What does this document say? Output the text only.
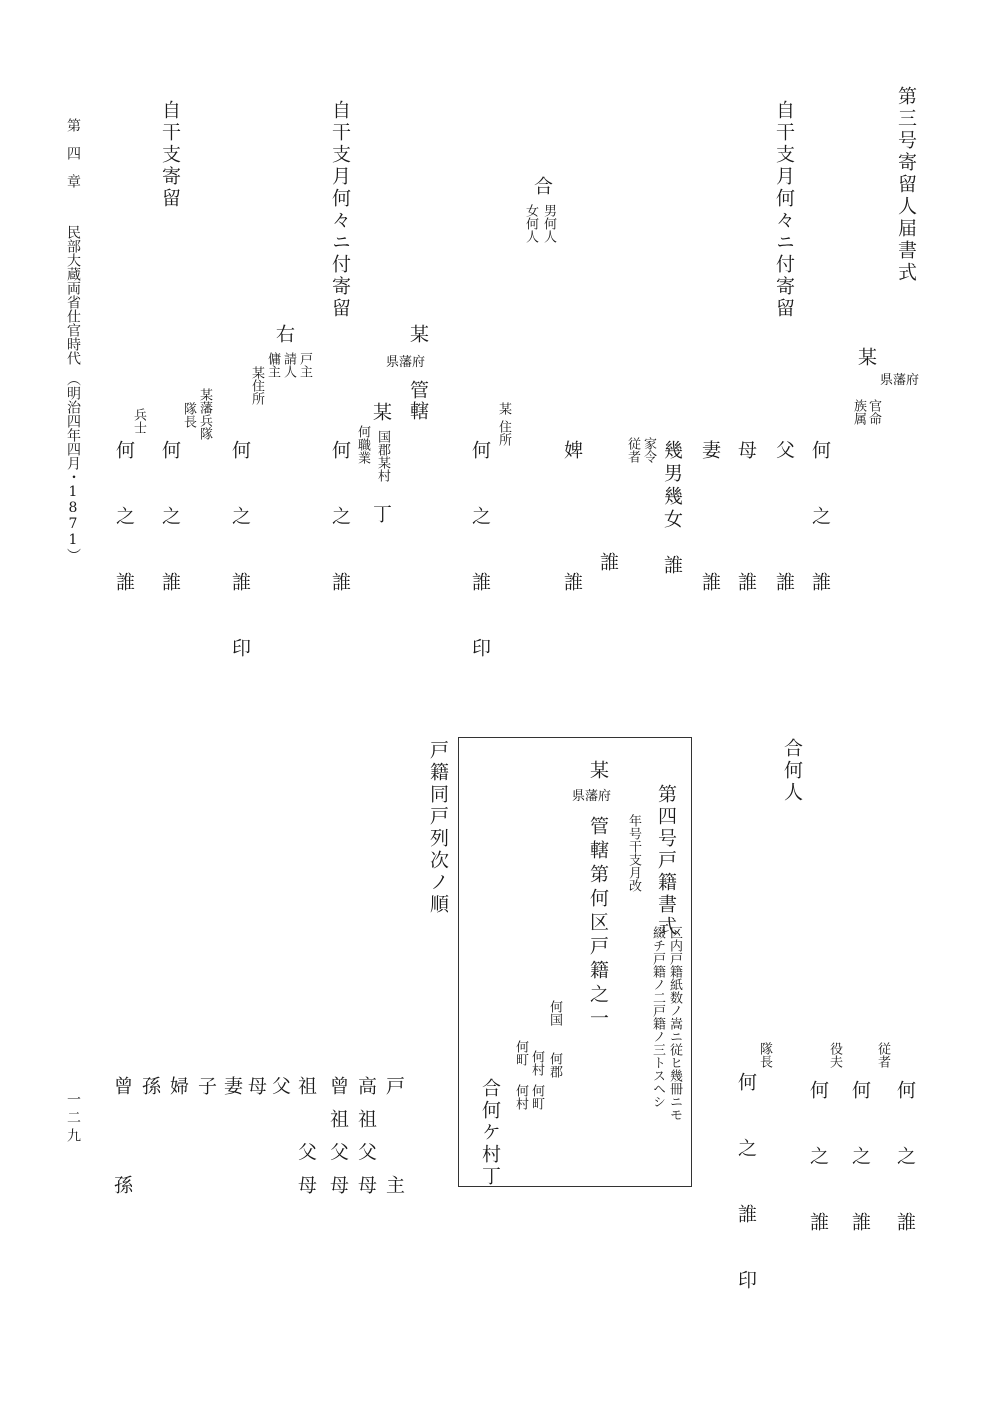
第　四　章
民部大蔵両省仕官時代　（明治四年四月・1871）
一二九
第三号寄留人届書式
某
県藩府
官命
族属
何　之　誰
自干支月何々ニ付寄留
父　　　誰
母　　　誰
妻　　　誰
幾男幾女　誰
家令
従者
誰
婢　　　誰
合
男何人
女何人
住所
某
何　之　誰　印
某
県藩府
管轄
某
国郡某村
丁
何職業
何　之　誰
自干支月何々ニ付寄留
右
戸主
請人
傭主
某住所
何　之　誰　印
自干支寄留
某藩兵隊
隊長
何　之　誰
兵士
何　之　誰
合何人
何　之　誰
従者
何　之　誰
役夫
何　之　誰
隊長
何　之　誰　印
第四号戸籍書式
区内戸籍紙数ノ嵩ニ従ヒ幾冊ニモ
綴チ戸籍ノ二戸籍ノ三トスヘシ
年号干支月改
某
県藩府
管轄第何区戸籍之一
何国
何郡
何村
何町
何町
何村
合何ケ村丁
戸籍同戸列次ノ順
戸　　主
高祖父母
曾祖父母
祖　父母
父
母
妻
子
婦
孫
曾　　孫
